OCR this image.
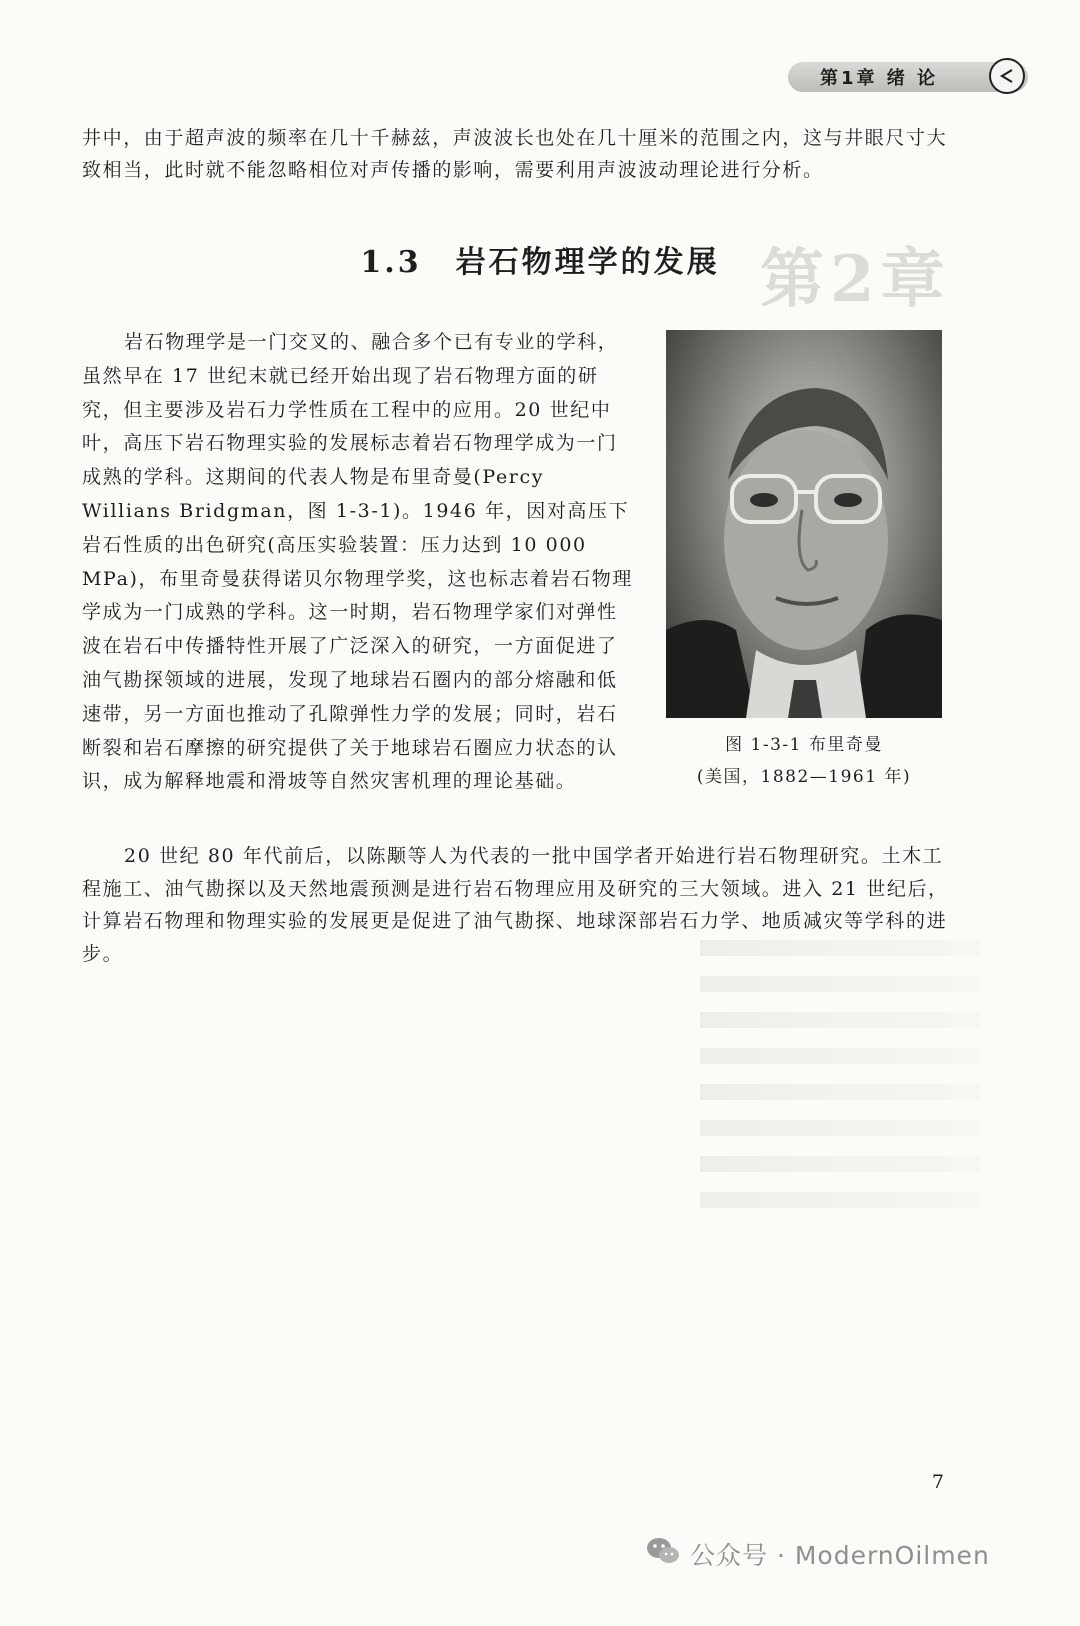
第2章
第1章 绪 论

井中，由于超声波的频率在几十千赫兹，声波波长也处在几十厘米的范围之内，这与井眼尺寸大致相当，此时就不能忽略相位对声传播的影响，需要利用声波波动理论进行分析。

1.3 岩石物理学的发展

岩石物理学是一门交叉的、融合多个已有专业的学科，虽然早在 17 世纪末就已经开始出现了岩石物理方面的研究，但主要涉及岩石力学性质在工程中的应用。20 世纪中叶，高压下岩石物理实验的发展标志着岩石物理学成为一门成熟的学科。这期间的代表人物是布里奇曼(Percy Willians Bridgman，图 1-3-1)。1946 年，因对高压下岩石性质的出色研究(高压实验装置：压力达到 10 000 MPa)，布里奇曼获得诺贝尔物理学奖，这也标志着岩石物理学成为一门成熟的学科。这一时期，岩石物理学家们对弹性波在岩石中传播特性开展了广泛深入的研究，一方面促进了油气勘探领域的进展，发现了地球岩石圈内的部分熔融和低速带，另一方面也推动了孔隙弹性力学的发展；同时，岩石断裂和岩石摩擦的研究提供了关于地球岩石圈应力状态的认识，成为解释地震和滑坡等自然灾害机理的理论基础。

图 1-3-1 布里奇曼
(美国，1882—1961 年)

20 世纪 80 年代前后，以陈颙等人为代表的一批中国学者开始进行岩石物理研究。土木工程施工、油气勘探以及天然地震预测是进行岩石物理应用及研究的三大领域。进入 21 世纪后，计算岩石物理和物理实验的发展更是促进了油气勘探、地球深部岩石力学、地质减灾等学科的进步。

7
公众号 · ModernOilmen
